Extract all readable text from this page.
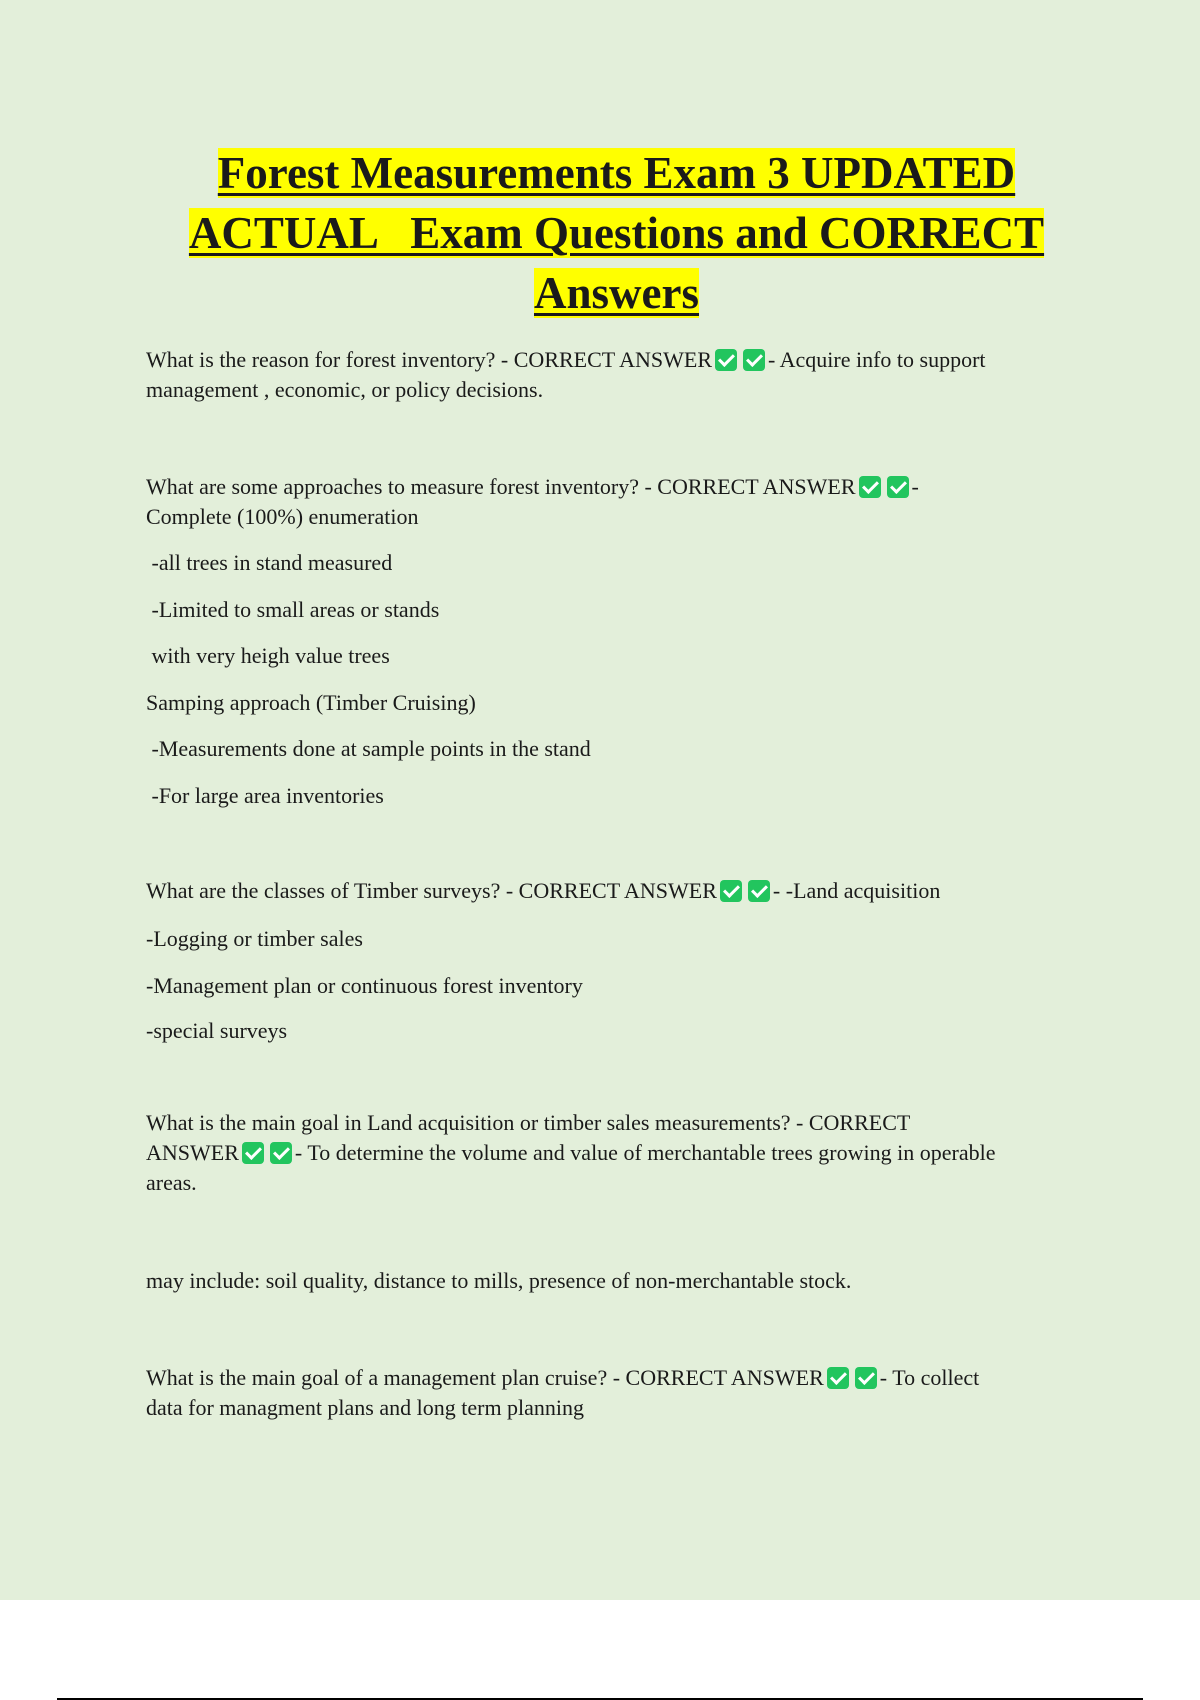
Forest Measurements Exam 3 UPDATED
ACTUAL   Exam Questions and CORRECT
Answers

What is the reason for forest inventory? - CORRECT ANSWER	- Acquire info to support
management , economic, or policy decisions.

What are some approaches to measure forest inventory? - CORRECT ANSWER	-
Complete (100%) enumeration

-all trees in stand measured

-Limited to small areas or stands

with very heigh value trees

Samping approach (Timber Cruising)

-Measurements done at sample points in the stand

-For large area inventories

What are the classes of Timber surveys? - CORRECT ANSWER	- -Land acquisition

-Logging or timber sales

-Management plan or continuous forest inventory

-special surveys

What is the main goal in Land acquisition or timber sales measurements? - CORRECT
ANSWER	- To determine the volume and value of merchantable trees growing in operable
areas.

may include: soil quality, distance to mills, presence of non-merchantable stock.

What is the main goal of a management plan cruise? - CORRECT ANSWER	- To collect
data for managment plans and long term planning
